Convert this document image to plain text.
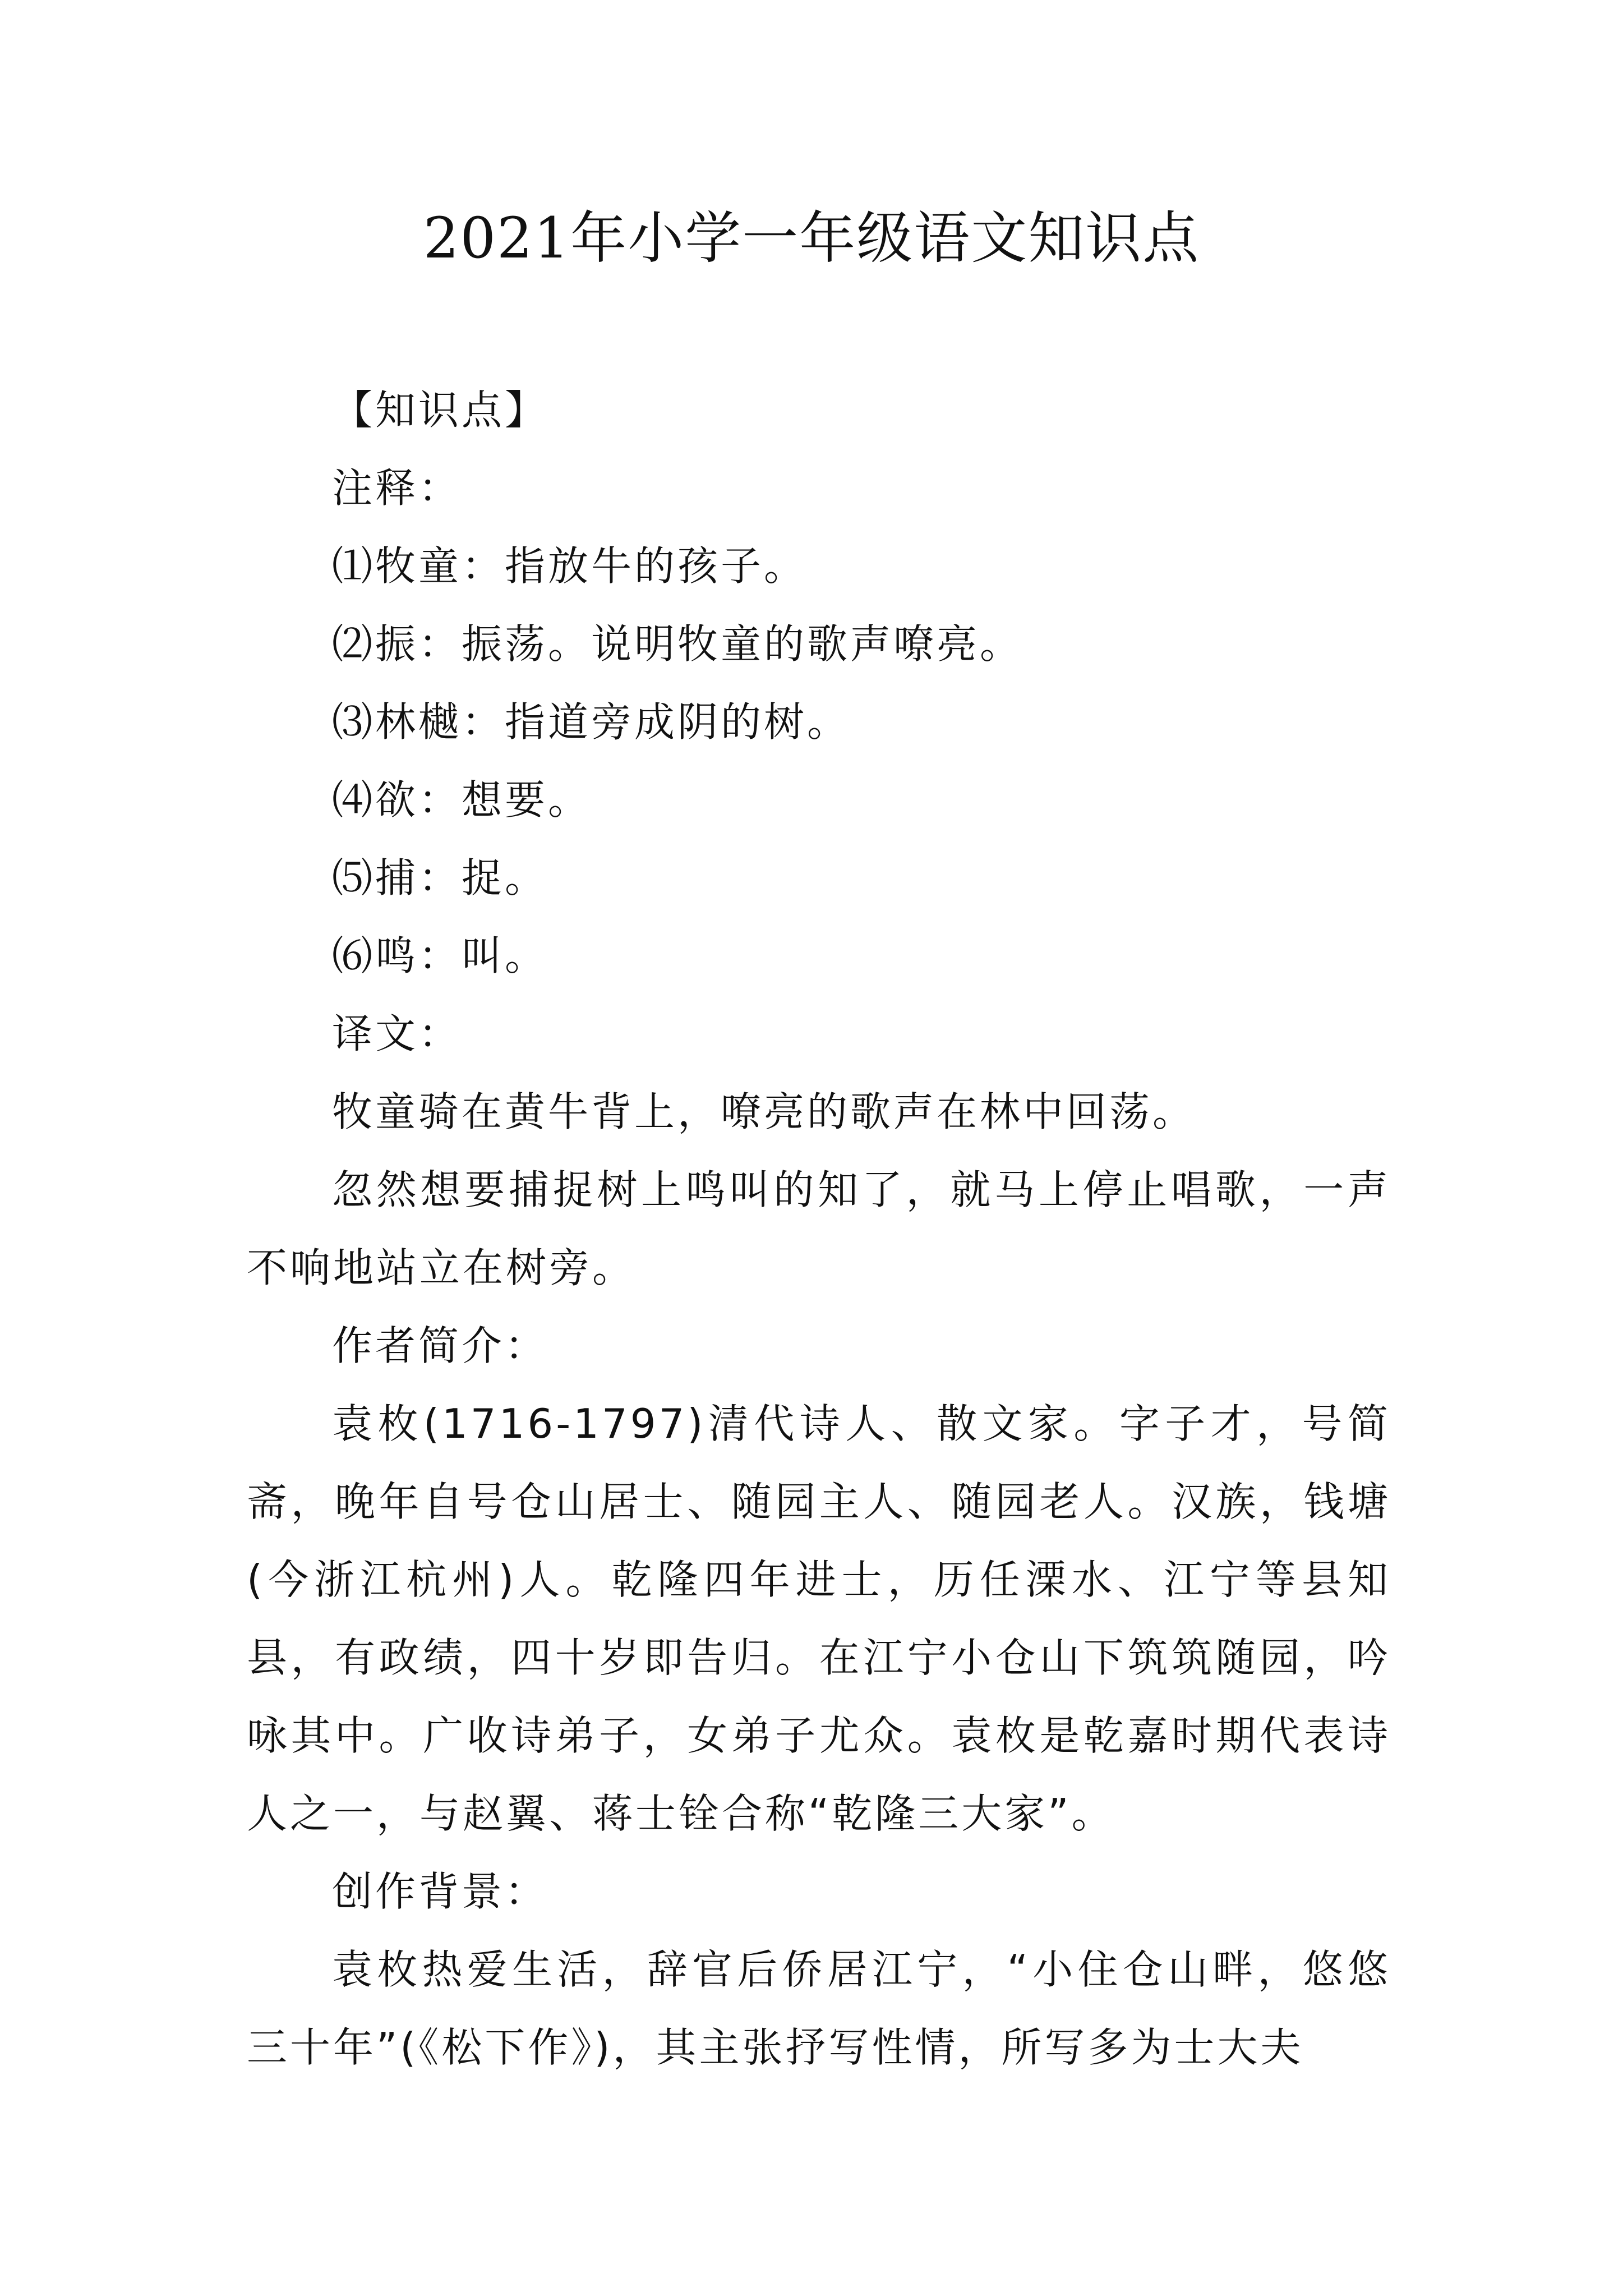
2021年小学一年级语文知识点

【知识点】

注释：

⑴牧童：指放牛的孩子。

⑵振：振荡。说明牧童的歌声嘹亮。

⑶林樾：指道旁成阴的树。

⑷欲：想要。

⑸捕：捉。

⑹鸣：叫。

译文：

牧童骑在黄牛背上，嘹亮的歌声在林中回荡。

忽然想要捕捉树上鸣叫的知了，就马上停止唱歌，一声不响地站立在树旁。

作者简介：

袁枚(1716-1797)清代诗人、散文家。字子才，号简斋，晚年自号仓山居士、随园主人、随园老人。汉族，钱塘(今浙江杭州)人。乾隆四年进士，历任溧水、江宁等县知县，有政绩，四十岁即告归。在江宁小仓山下筑筑随园，吟咏其中。广收诗弟子，女弟子尤众。袁枚是乾嘉时期代表诗人之一，与赵翼、蒋士铨合称“乾隆三大家”。

创作背景：

袁枚热爱生活，辞官后侨居江宁，“小住仓山畔，悠悠三十年”(《松下作》)，其主张抒写性情，所写多为士大夫
